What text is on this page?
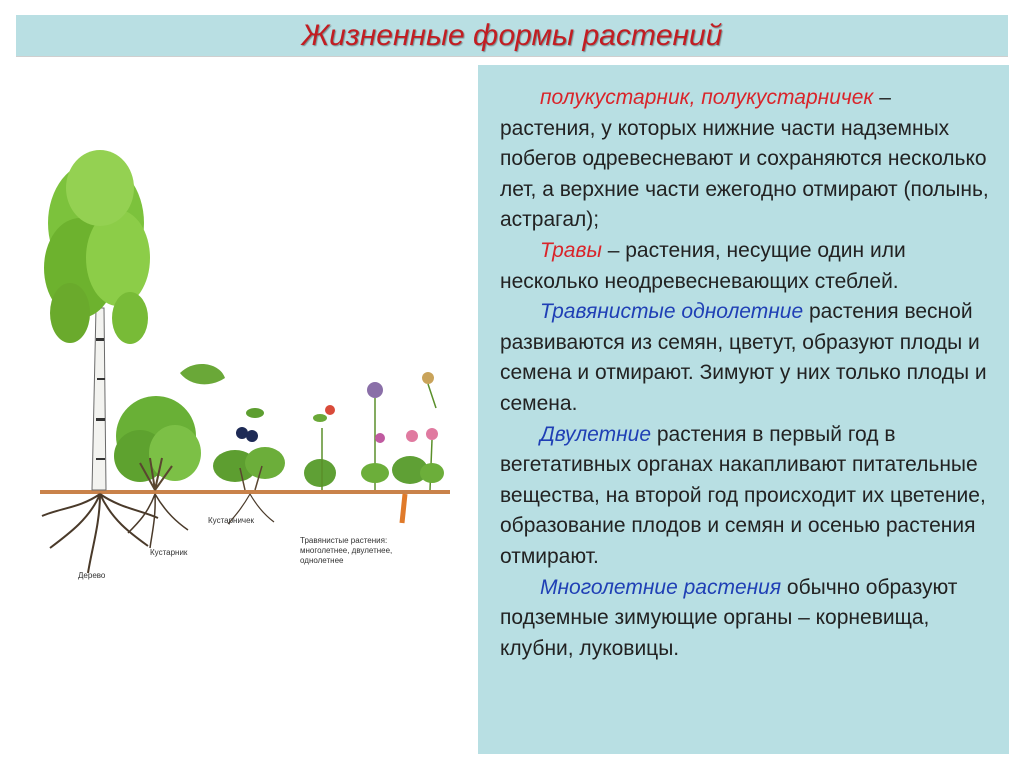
Жизненные формы растений
Дерево
Кустарник
Кустарничек
Травянистые растения:
многолетнее, двулетнее,
однолетнее

полукустарник, полукустарничек – растения, у которых нижние части надземных побегов одревесневают и сохраняются несколько лет, а верхние части ежегодно отмирают (полынь, астрагал);

Травы – растения, несущие один или несколько неодревесневающих стеблей.

Травянистые однолетние растения весной развиваются из семян, цветут, образуют плоды и семена и отмирают. Зимуют у них только плоды и семена.

Двулетние растения в первый год в вегетативных органах накапливают питательные вещества, на второй год происходит их цветение, образование плодов и семян и осенью растения отмирают.

Многолетние растения обычно образуют подземные зимующие органы – корневища, клубни, луковицы.
